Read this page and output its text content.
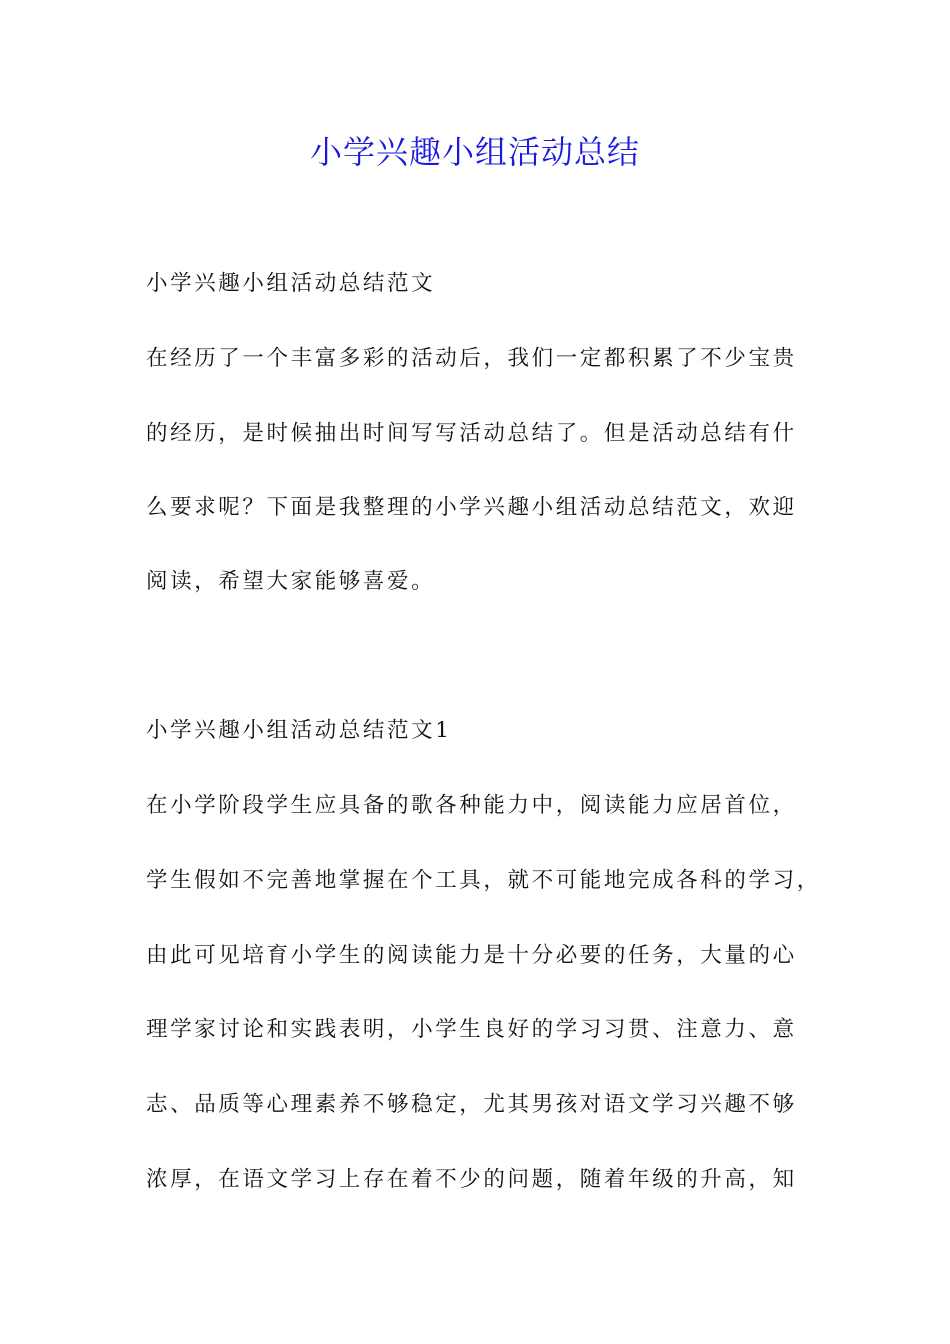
小学兴趣小组活动总结

小学兴趣小组活动总结范文

在经历了一个丰富多彩的活动后，我们一定都积累了不少宝贵

的经历，是时候抽出时间写写活动总结了。但是活动总结有什

么要求呢？下面是我整理的小学兴趣小组活动总结范文，欢迎

阅读，希望大家能够喜爱。

小学兴趣小组活动总结范文1

在小学阶段学生应具备的歌各种能力中，阅读能力应居首位，

学生假如不完善地掌握在个工具，就不可能地完成各科的学习，

由此可见培育小学生的阅读能力是十分必要的任务，大量的心

理学家讨论和实践表明，小学生良好的学习习贯、注意力、意

志、品质等心理素养不够稳定，尤其男孩对语文学习兴趣不够

浓厚，在语文学习上存在着不少的问题，随着年级的升高，知
